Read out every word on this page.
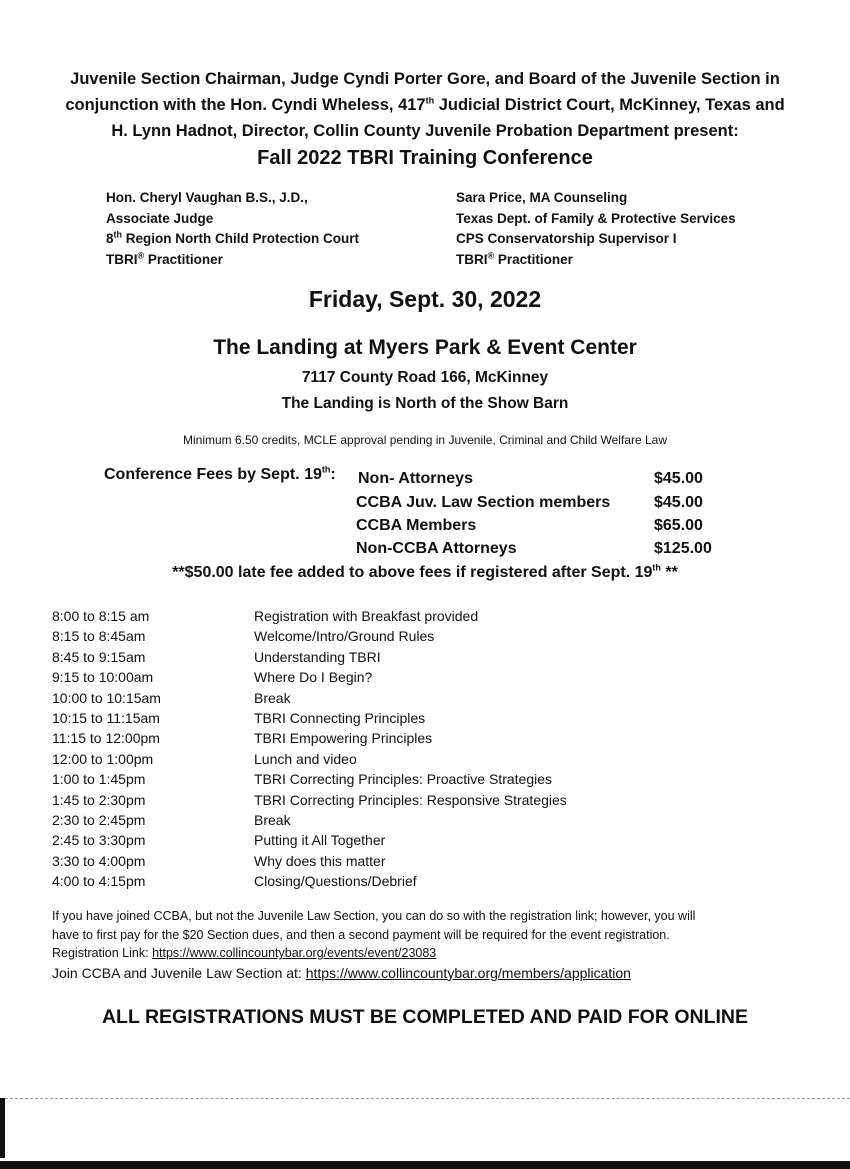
Juvenile Section Chairman, Judge Cyndi Porter Gore, and Board of the Juvenile Section in
conjunction with the Hon. Cyndi Wheless, 417th Judicial District Court, McKinney, Texas and
H. Lynn Hadnot, Director, Collin County Juvenile Probation Department present:
Fall 2022 TBRI Training Conference
Hon. Cheryl Vaughan B.S., J.D.,
Associate Judge
8th Region North Child Protection Court
TBRI® Practitioner
Sara Price, MA Counseling
Texas Dept. of Family & Protective Services
CPS Conservatorship Supervisor I
TBRI® Practitioner
Friday, Sept. 30, 2022
The Landing at Myers Park & Event Center
7117 County Road 166, McKinney
The Landing is North of the Show Barn
Minimum 6.50 credits, MCLE approval pending in Juvenile, Criminal and Child Welfare Law
Conference Fees by Sept. 19th: Non- Attorneys	$45.00
CCBA Juv. Law Section members	$45.00
CCBA Members	$65.00
Non-CCBA Attorneys	$125.00
**$50.00 late fee added to above fees if registered after Sept. 19th **
8:00 to 8:15 am	Registration with Breakfast provided
8:15 to 8:45am	Welcome/Intro/Ground Rules
8:45 to 9:15am	Understanding TBRI
9:15 to 10:00am	Where Do I Begin?
10:00 to 10:15am	Break
10:15 to 11:15am	TBRI Connecting Principles
11:15 to 12:00pm	TBRI Empowering Principles
12:00 to 1:00pm	Lunch and video
1:00 to 1:45pm	TBRI Correcting Principles: Proactive Strategies
1:45 to 2:30pm	TBRI Correcting Principles: Responsive Strategies
2:30 to 2:45pm	Break
2:45 to 3:30pm	Putting it All Together
3:30 to 4:00pm	Why does this matter
4:00 to 4:15pm	Closing/Questions/Debrief
If you have joined CCBA, but not the Juvenile Law Section, you can do so with the registration link; however, you will
have to first pay for the $20 Section dues, and then a second payment will be required for the event registration.
Registration Link: https://www.collincountybar.org/events/event/23083
Join CCBA and Juvenile Law Section at: https://www.collincountybar.org/members/application
ALL REGISTRATIONS MUST BE COMPLETED AND PAID FOR ONLINE
